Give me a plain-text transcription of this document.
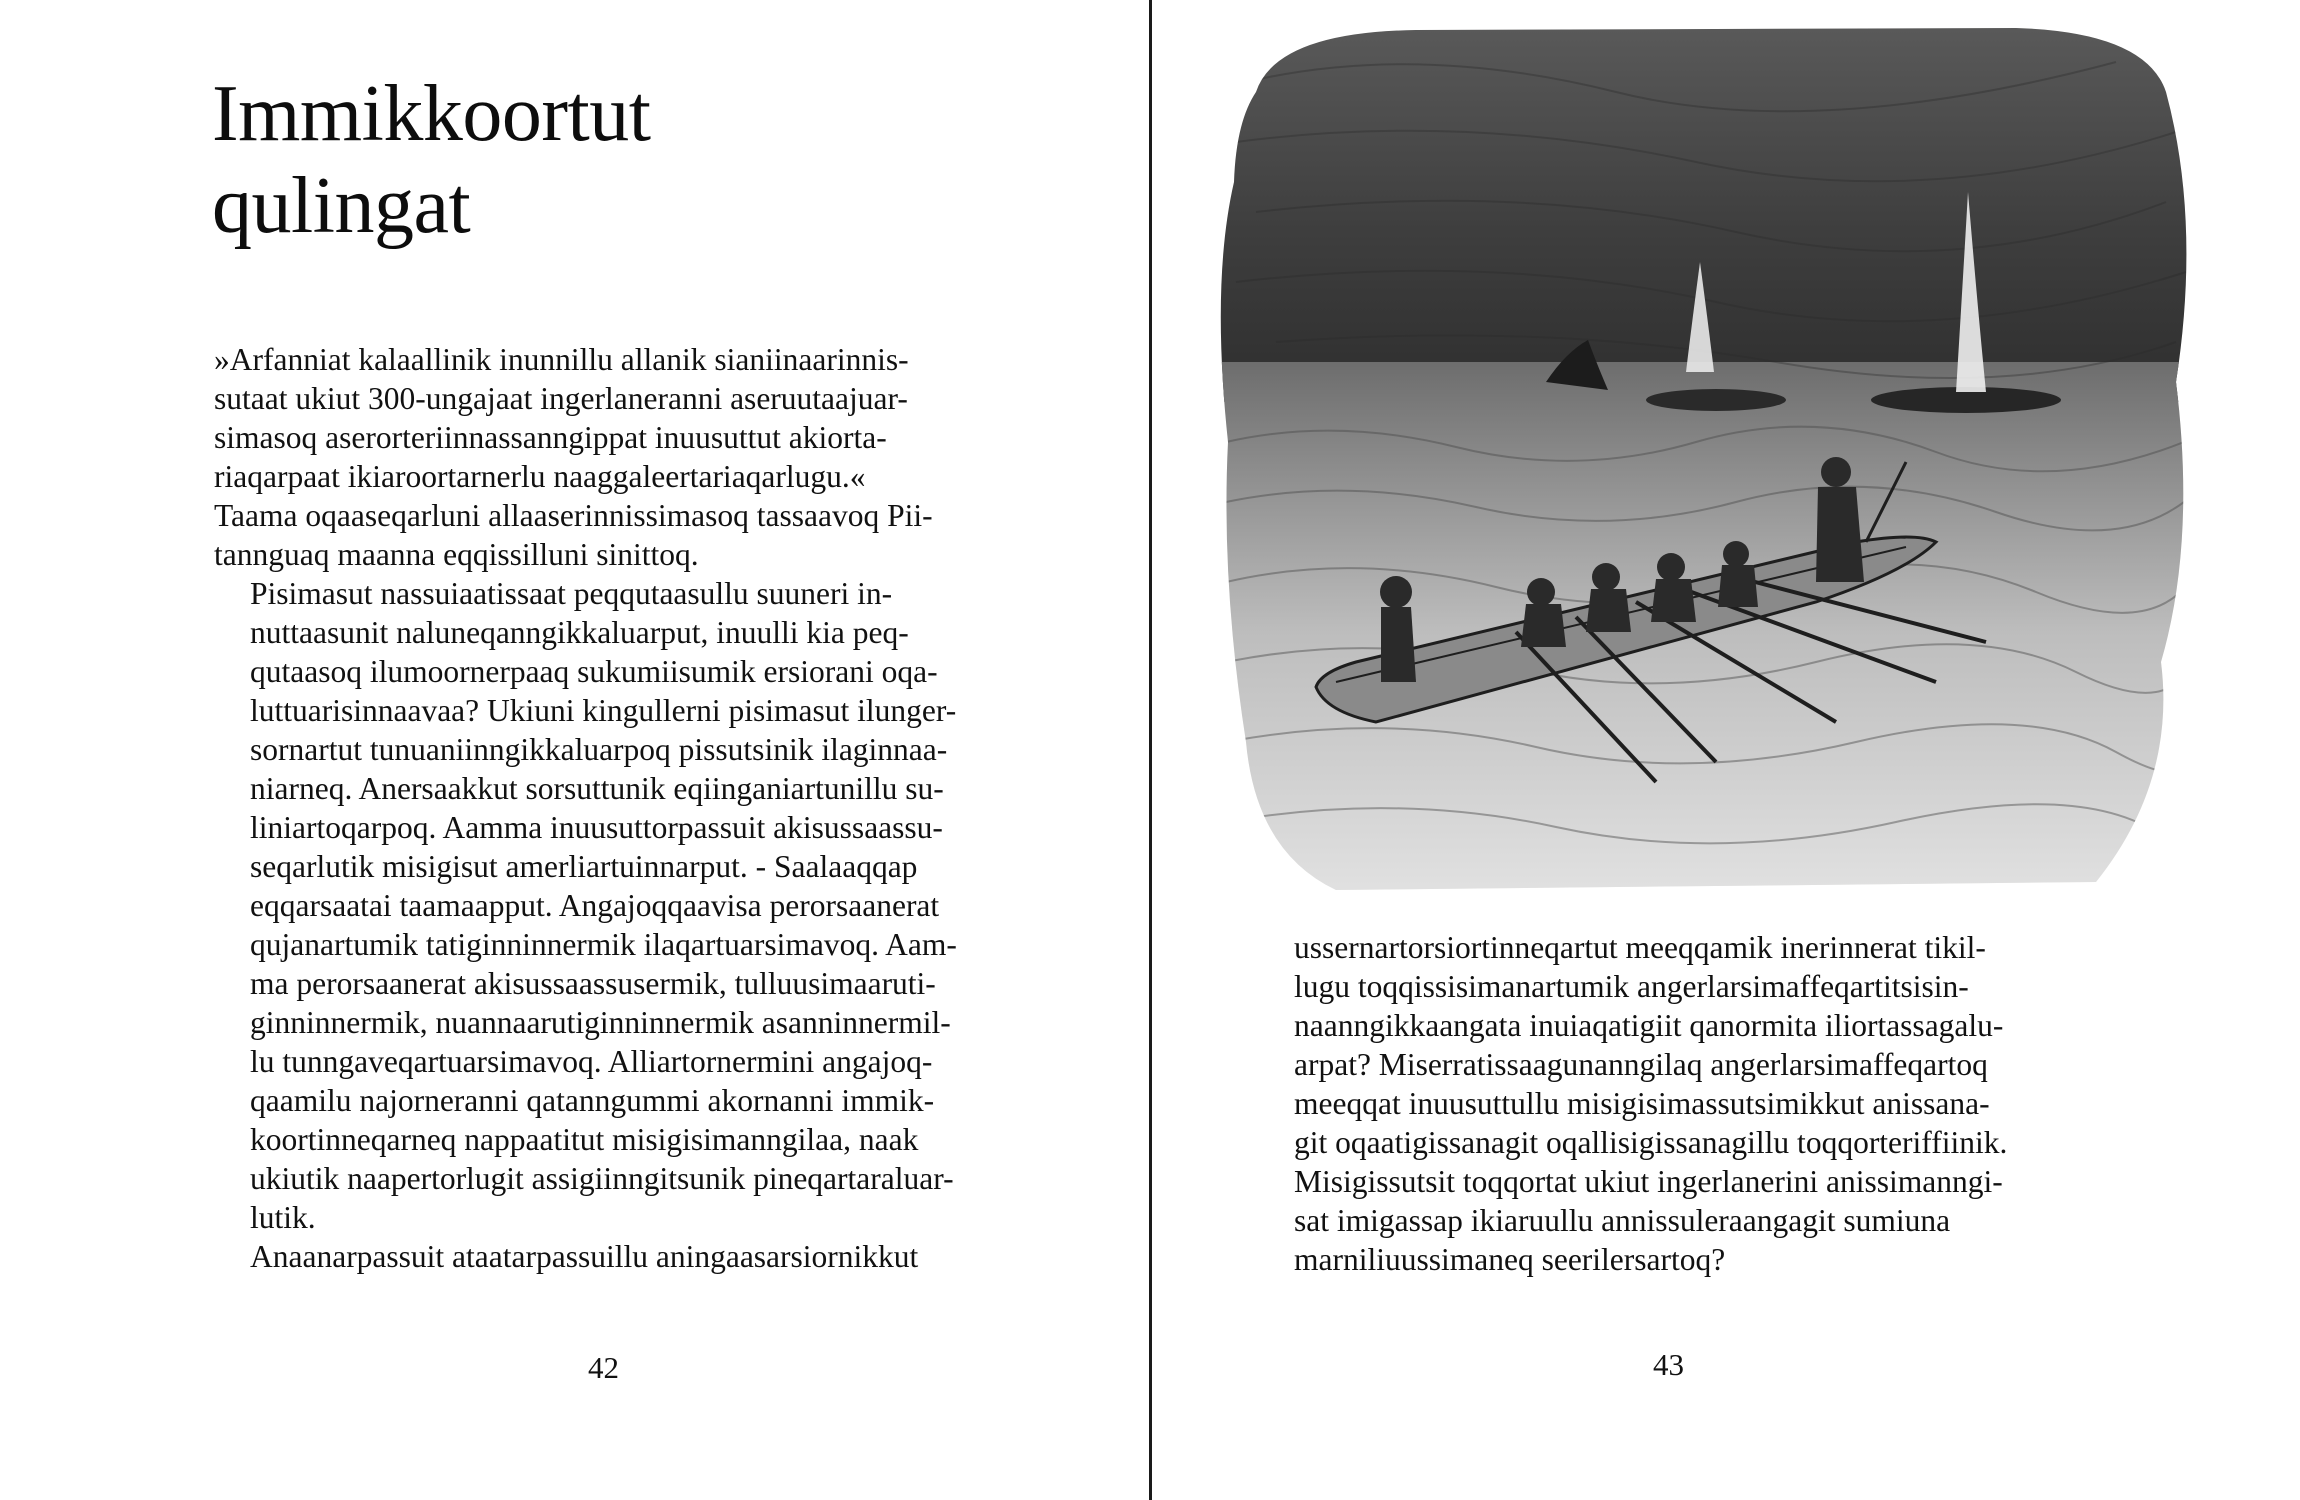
Immikkoortut
qulingat

»Arfanniat kalaallinik inunnillu allanik sianiinaarinnis-
sutaat ukiut 300-ungajaat ingerlaneranni aseruutaajuar-
simasoq aserorteriinnassanngippat inuusuttut akiorta-
riaqarpaat ikiaroortarnerlu naaggaleertariaqarlugu.«
Taama oqaaseqarluni allaaserinnissimasoq tassaavoq Pii-
tannguaq maanna eqqissilluni sinittoq.

Pisimasut nassuiaatissaat peqqutaasullu suuneri in-
nuttaasunit naluneqanngikkaluarput, inuulli kia peq-
qutaasoq ilumoornerpaaq sukumiisumik ersiorani oqa-
luttuarisinnaavaa? Ukiuni kingullerni pisimasut ilunger-
sornartut tunuaniinngikkaluarpoq pissutsinik ilaginnaa-
niarneq. Anersaakkut sorsuttunik eqiinganiartunillu su-
liniartoqarpoq. Aamma inuusuttorpassuit akisussaassu-
seqarlutik misigisut amerliartuinnarput. - Saalaaqqap
eqqarsaatai taamaapput. Angajoqqaavisa perorsaanerat
qujanartumik tatiginninnermik ilaqartuarsimavoq. Aam-
ma perorsaanerat akisussaassusermik, tulluusimaaruti-
ginninnermik, nuannaarutiginninnermik asanninnermil-
lu tunngaveqartuarsimavoq. Alliartornermini angajoq-
qaamilu najorneranni qatanngummi akornanni immik-
koortinneqarneq nappaatitut misigisimanngilaa, naak
ukiutik naapertorlugit assigiinngitsunik pineqartaraluar-
lutik.

Anaanarpassuit ataatarpassuillu aningaasarsiornikkut

42

ussernartorsiortinneqartut meeqqamik inerinnerat tikil-
lugu toqqissisimanartumik angerlarsimaffeqartitsisin-
naanngikkaangata inuiaqatigiit qanormita iliortassagalu-
arpat? Miserratissaagunanngilaq angerlarsimaffeqartoq
meeqqat inuusuttullu misigisimassutsimikkut anissana-
git oqaatigissanagit oqallisigissanagillu toqqorteriffiinik.
Misigissutsit toqqortat ukiut ingerlanerini anissimanngi-
sat imigassap ikiaruullu annissuleraangagit sumiuna
marniliuussimaneq seerilersartoq?

43
